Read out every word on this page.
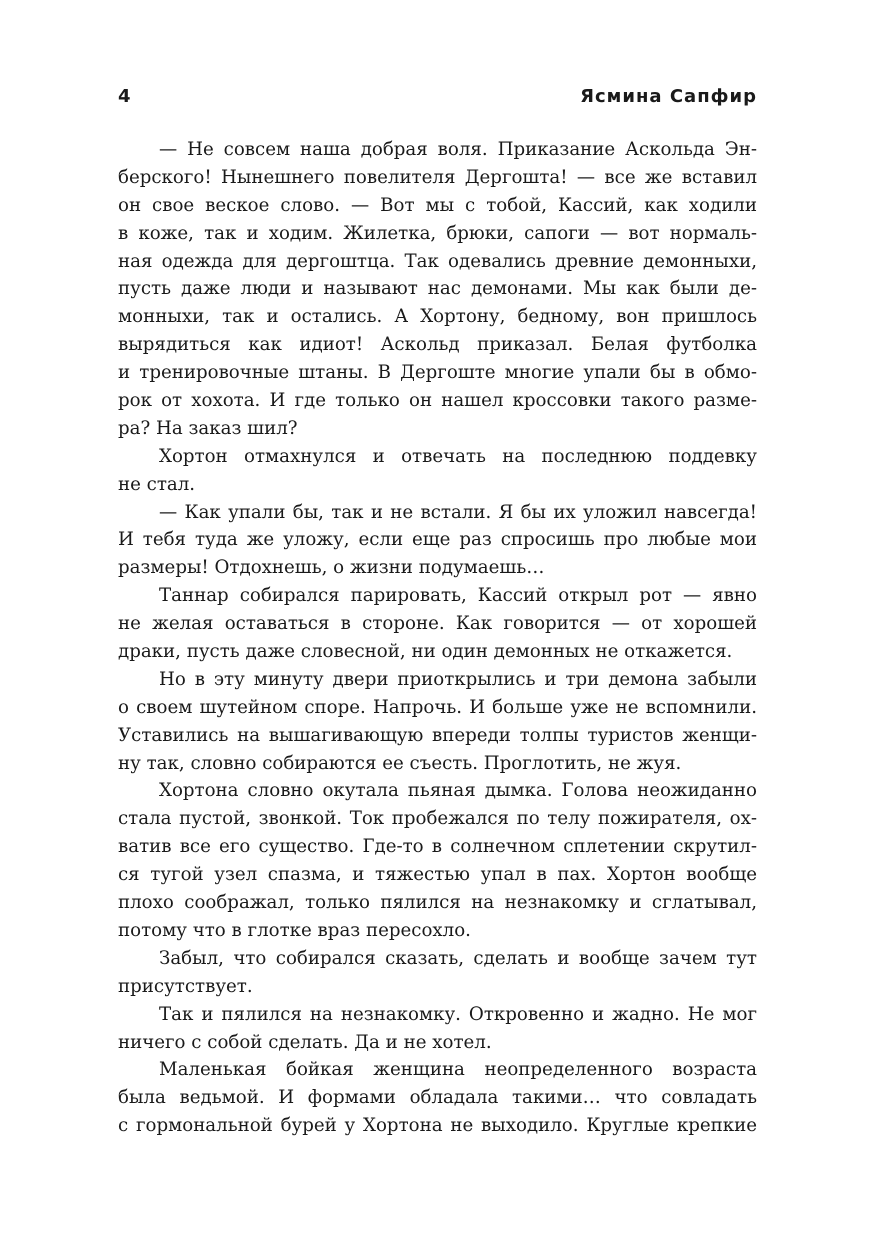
4	Ясмина Сапфир
— Не совсем наша добрая воля. Приказание Аскольда Эн-
берского! Нынешнего повелителя Дергошта! — все же вставил
он свое веское слово. — Вот мы с тобой, Кассий, как ходили
в коже, так и ходим. Жилетка, брюки, сапоги — вот нормаль-
ная одежда для дергоштца. Так одевались древние демонныхи,
пусть даже люди и называют нас демонами. Мы как были де-
монныхи, так и остались. А Хортону, бедному, вон пришлось
вырядиться как идиот! Аскольд приказал. Белая футболка
и тренировочные штаны. В Дергоште многие упали бы в обмо-
рок от хохота. И где только он нашел кроссовки такого разме-
ра? На заказ шил?
Хортон отмахнулся и отвечать на последнюю поддевку
не стал.
— Как упали бы, так и не встали. Я бы их уложил навсегда!
И тебя туда же уложу, если еще раз спросишь про любые мои
размеры! Отдохнешь, о жизни подумаешь…
Таннар собирался парировать, Кассий открыл рот — явно
не желая оставаться в стороне. Как говорится — от хорошей
драки, пусть даже словесной, ни один демонных не откажется.
Но в эту минуту двери приоткрылись и три демона забыли
о своем шутейном споре. Напрочь. И больше уже не вспомнили.
Уставились на вышагивающую впереди толпы туристов женщи-
ну так, словно собираются ее съесть. Проглотить, не жуя.
Хортона словно окутала пьяная дымка. Голова неожиданно
стала пустой, звонкой. Ток пробежался по телу пожирателя, ох-
ватив все его существо. Где-то в солнечном сплетении скрутил-
ся тугой узел спазма, и тяжестью упал в пах. Хортон вообще
плохо соображал, только пялился на незнакомку и сглатывал,
потому что в глотке враз пересохло.
Забыл, что собирался сказать, сделать и вообще зачем тут
присутствует.
Так и пялился на незнакомку. Откровенно и жадно. Не мог
ничего с собой сделать. Да и не хотел.
Маленькая бойкая женщина неопределенного возраста
была ведьмой. И формами обладала такими… что совладать
с гормональной бурей у Хортона не выходило. Круглые крепкие
